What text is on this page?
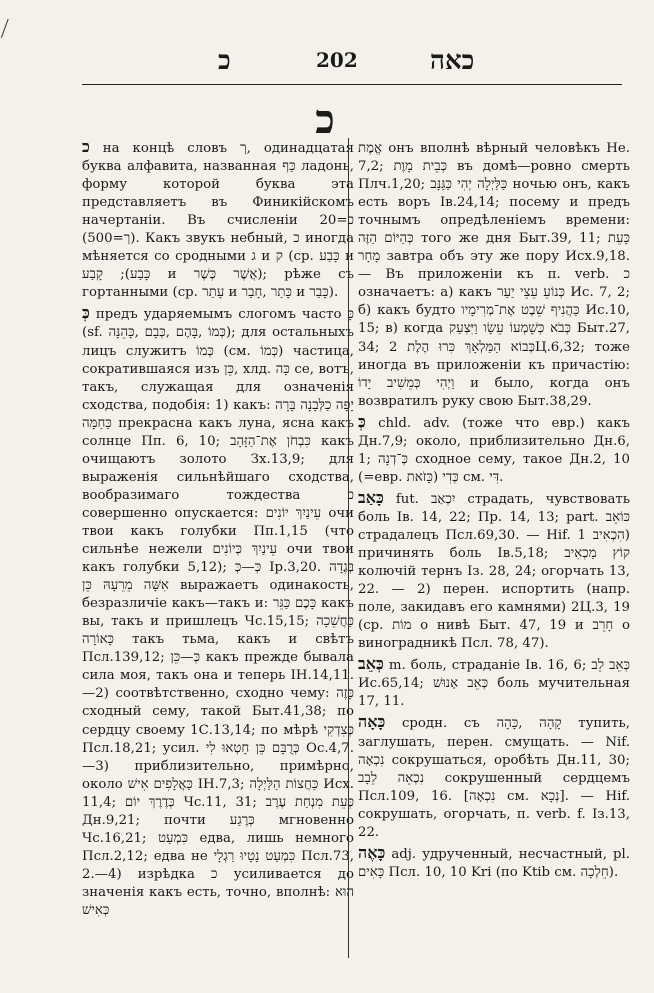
כ	202	כאה
כ

כ на концѣ словъ ך, одинадцатая буква алфавита, названная כַּף ладонь, форму которой буква эта представляетъ въ Финикійскомъ начертаніи. Въ счисленіи כ=20 (ך=500). Какъ звукъ небный, כ иногда мѣняется со сродными ג и ק (ср. כָּבַע и קָבַע ;(כָּבַע и אֲשֶׁר כְּשֶׁר); рѣже съ гортанными (ср. עָתַר и כָּתַר ,חָבַר и כָּבַר).

כְּ предъ ударяемымъ слогомъ часто כָּ (sf. כְּמוֹ ,בָּהֶם ,כְּבָם ,כָּהֵנָּה); для остальныхъ лицъ служитъ כְּמוֹ (см. כְּמוֹ) частица, сократившаяся изъ כֵּן, хлд. כָּה се, вотъ, такъ, служащая для означенія сходства, подобія: 1) какъ: יָפָה כַלְּבָנָה בָּרָה כַּחַמָּה прекрасна какъ луна, ясна какъ солнце Пп. 6, 10; כִּבְחֹן אֶת־הַזָּהָב какъ очищаютъ золото Зх.13,9; для выраженія сильнѣйшаго сходства, вообразимаго тождества כ совершенно опускается: עֵינַיִךְ יוֹנִים очи твои какъ голубки Пп.1,15 (что сильнѣе нежели עֵינַיִךְ כְּיוֹנִים очи твои какъ голубки 5,12); כְּ—כְּ Ір.3,20. בְּגֶדָה אִשָּׁה מֵרֵעָהּ כֵּן выражаетъ одинакость, безразличіе какъ—такъ и: כָּכֶם כַּגֵּר какъ вы, такъ и пришлецъ Чс.15,15; כַּחֲשֵׁכָה כָּאוֹרָה такъ тьма, какъ и свѣтъ Псл.139,12; כְּ—כֵּן какъ прежде бывала сила моя, такъ она и теперь ІН.14,11.—2) соотвѣтственно, сходно чему: כָּזֶה сходный сему, такой Быт.41,38; по сердцу своему 1С.13,14; по мѣрѣ כְּצִדְקִי Псл.18,21; усил. כְּרֻבָּם כֵּן חָטְאוּ לִי Ос.4,7.—3) приблизительно, примѣрно, около כַּאֲלָפִים אִישׁ ІН.7,3; כַּחֲצוֹת הַלַּיְלָה Исх. 11,4; כְּדֶרֶךְ יוֹם Чс.11, 31; כְּעֵת מִנְחַת עֶרֶב Дн.9,21; почти כְּרֶגַע мгновенно Чс.16,21; כִּמְעַט едва, лишь немного Псл.2,12; едва не כִּמְעַט נָטָיוּ רַגְלָי Псл.73, 2.—4) изрѣдка כ усиливается до значенія какъ есть, точно, вполнѣ: הוּא כְּאִישׁ

אֱמֶת онъ вполнѣ вѣрный человѣкъ Не. 7,2; כְּבֵית מָוֶת въ домѣ—ровно смерть Плч.1,20; כַּלַּיְלָה יְהִי כַּגַּנָּב ночью онъ, какъ есть воръ Ів.24,14; посему и предъ точнымъ опредѣленіемъ времени: כְּהַיּוֹם הַזֶּה того же дня Быт.39, 11; כָּעֵת מָחָר завтра объ эту же пору Исх.9,18. — Въ приложеніи къ п. verb. כ означаетъ: а) какъ כְּנוֹעֵ עֵצֵי יַעַר Ис. 7, 2; б) какъ будто כַּהֲנִיף שֵׁבֶט אֶת־מְרִימָיו Ис.10, 15; в) когда כְּבֹא כְּשָׁמְעוֹ עֵשָׂו וַיִּצְעַק Быт.27, 34; כְּבוֹא הַמַּלְאָךְ כִּרוּ הֶלֶת 2Ц.6,32; тоже иногда въ приложеніи къ причастію: וַיְהִי כְּמֵשִׁיב יָדוֹ и было, когда онъ возвратилъ руку свою Быт.38,29.

כְּ chld. adv. (тоже что евр.) какъ Дн.7,9; около, приблизительно Дн.6, 1; כְּ־דְנָה сходное сему, такое Дн.2, 10 (=евр. כָּזֹאת) כְּדִי см. דִּי.

כָּאַב fut. יִכְאַב страдать, чувствовать боль Ів. 14, 22; Пр. 14, 13; part. כּוֹאֵב страдалецъ Псл.69,30. — Hif. הִכְאִיב 1) причинять боль Ів.5,18; קוֹץ מַכְאִיב колючій тернъ Із. 28, 24; огорчать 13, 22. — 2) перен. испортить (напр. поле, закидавъ его камнями) 2Ц.3, 19 (ср. מוֹת о нивѣ Быт. 47, 19 и חָרֵב о виноградникѣ Псл. 78, 47).

כְּאֵב m. боль, страданіе Ів. 16, 6; כְּאֵב לֵב Ис.65,14; כְּאֵב אָנוּשׁ боль мучительная 17, 11.

כָּאָה сродн. съ קָהָה ,כָּהָה тупить, заглушать, перен. смущать. — Nif. נִכְאָה сокрушаться, оробѣть Дн.11, 30; נִכְאֵה לֵבָב сокрушенный сердцемъ Псл.109, 16. [נִכְאָה см. נְכָא]. — Hif. сокрушать, огорчать, п. verb. f. Із.13, 22.

כָּאֶה adj. удрученный, несчастный, pl. כָּאִים Псл. 10, 10 Kri (по Ktib см. חֵלְכָה).
